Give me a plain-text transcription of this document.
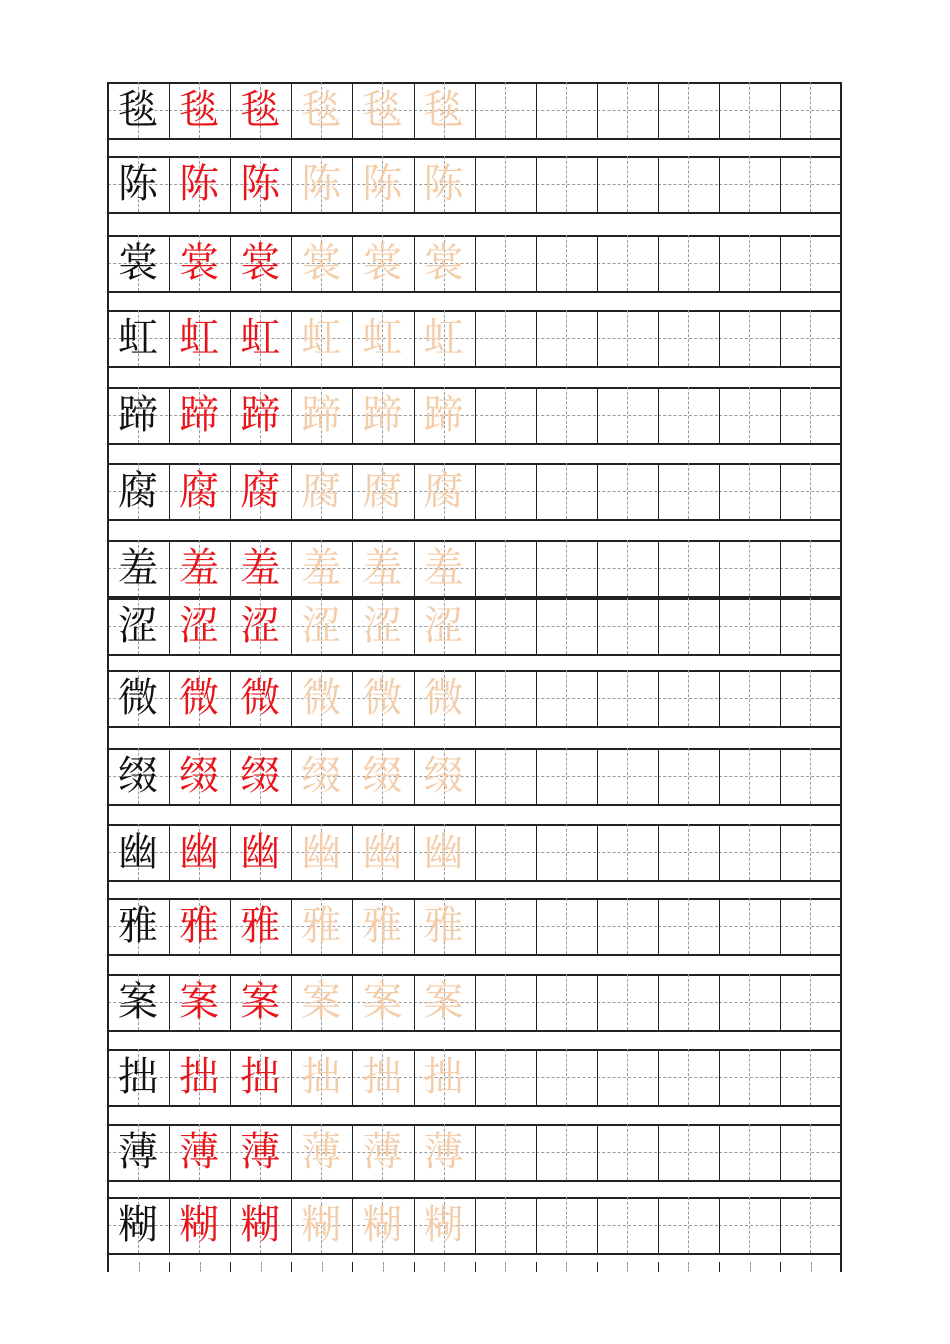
毯 毯 毯 毯 毯 毯
陈 陈 陈 陈 陈 陈
裳 裳 裳 裳 裳 裳
虹 虹 虹 虹 虹 虹
蹄 蹄 蹄 蹄 蹄 蹄
腐 腐 腐 腐 腐 腐
羞 羞 羞 羞 羞 羞
涩 涩 涩 涩 涩 涩
微 微 微 微 微 微
缀 缀 缀 缀 缀 缀
幽 幽 幽 幽 幽 幽
雅 雅 雅 雅 雅 雅
案 案 案 案 案 案
拙 拙 拙 拙 拙 拙
薄 薄 薄 薄 薄 薄
糊 糊 糊 糊 糊 糊
